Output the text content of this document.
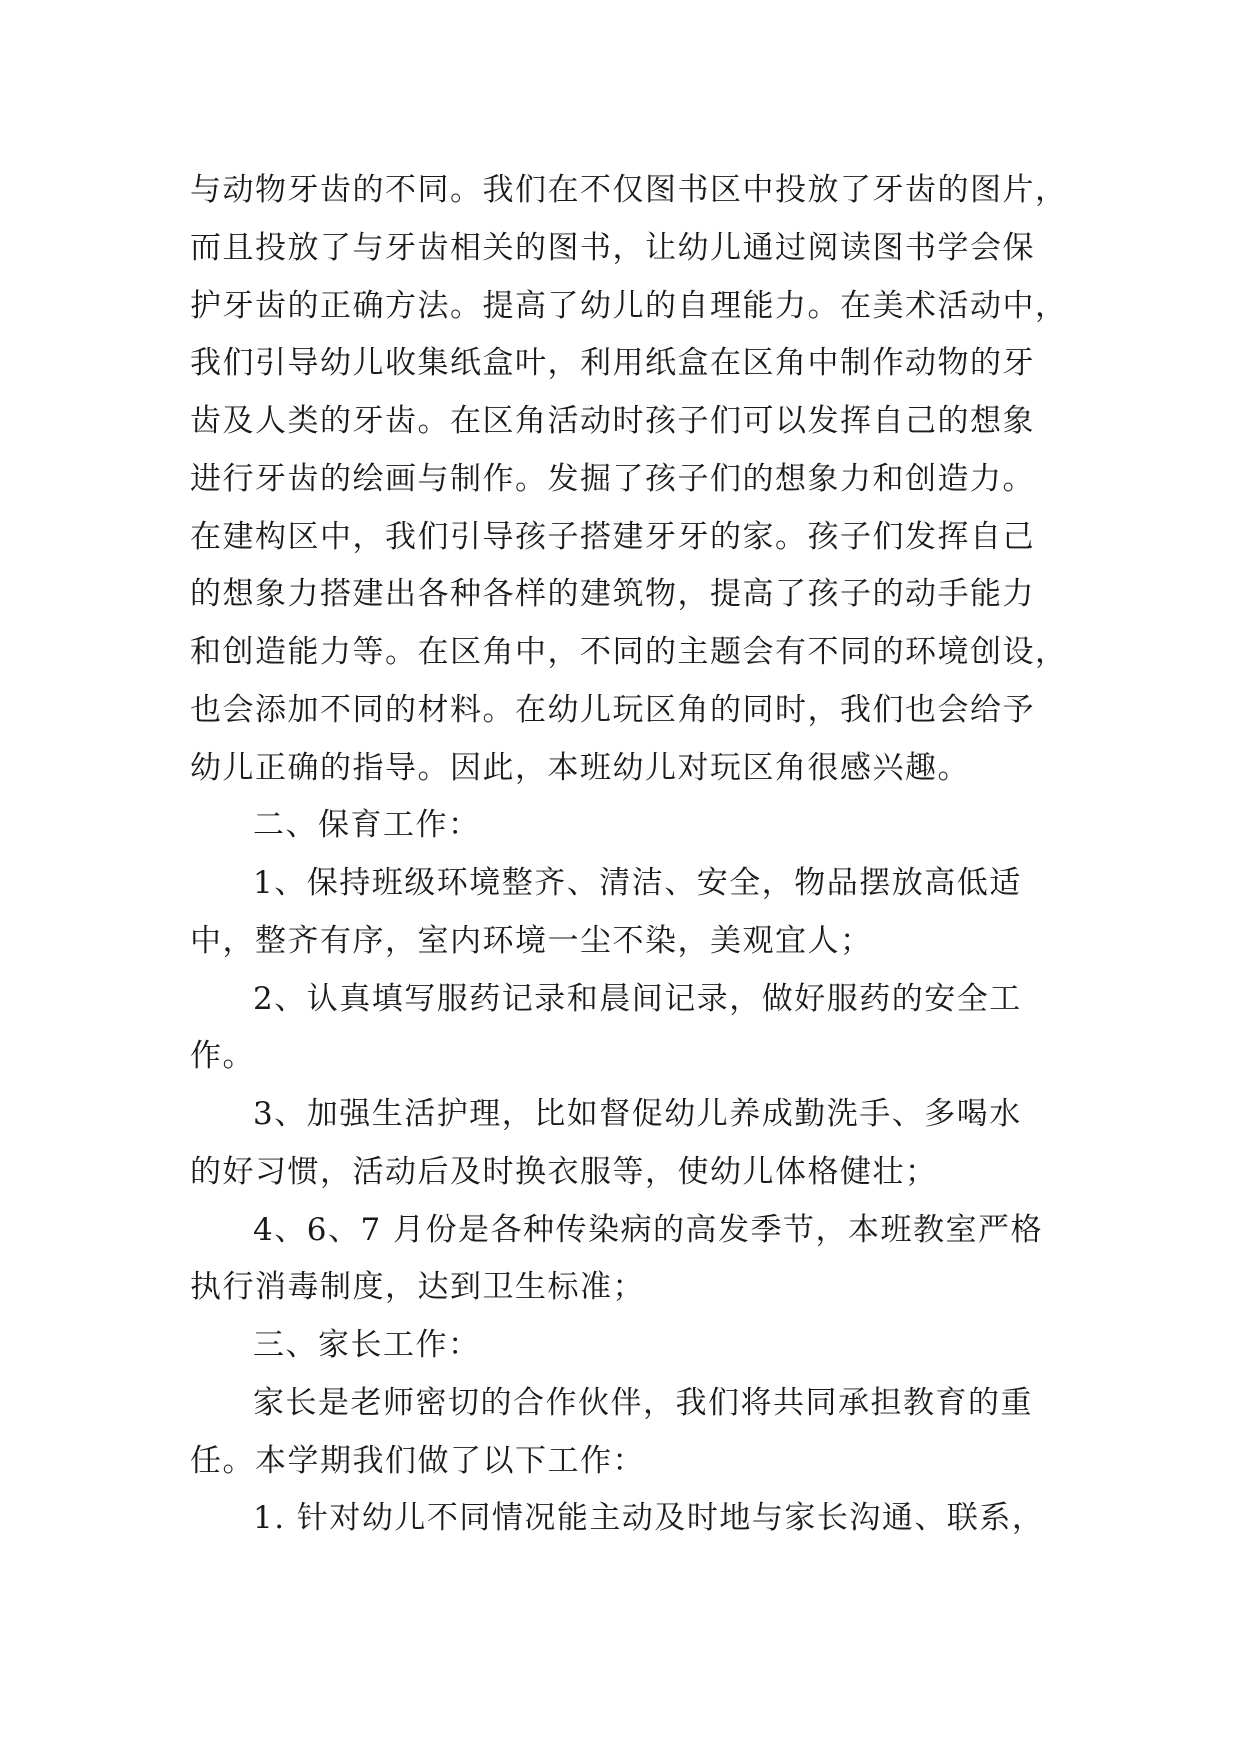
与动物牙齿的不同。我们在不仅图书区中投放了牙齿的图片，
而且投放了与牙齿相关的图书，让幼儿通过阅读图书学会保
护牙齿的正确方法。提高了幼儿的自理能力。在美术活动中，
我们引导幼儿收集纸盒叶，利用纸盒在区角中制作动物的牙
齿及人类的牙齿。在区角活动时孩子们可以发挥自己的想象
进行牙齿的绘画与制作。发掘了孩子们的想象力和创造力。
在建构区中，我们引导孩子搭建牙牙的家。孩子们发挥自己
的想象力搭建出各种各样的建筑物，提高了孩子的动手能力
和创造能力等。在区角中，不同的主题会有不同的环境创设，
也会添加不同的材料。在幼儿玩区角的同时，我们也会给予
幼儿正确的指导。因此，本班幼儿对玩区角很感兴趣。
二、保育工作：
1、保持班级环境整齐、清洁、安全，物品摆放高低适
中，整齐有序，室内环境一尘不染，美观宜人；
2、认真填写服药记录和晨间记录，做好服药的安全工
作。
3、加强生活护理，比如督促幼儿养成勤洗手、多喝水
的好习惯，活动后及时换衣服等，使幼儿体格健壮；
4、6、7 月份是各种传染病的高发季节，本班教室严格
执行消毒制度，达到卫生标准；
三、家长工作：
家长是老师密切的合作伙伴，我们将共同承担教育的重
任。本学期我们做了以下工作：
1. 针对幼儿不同情况能主动及时地与家长沟通、联系，
